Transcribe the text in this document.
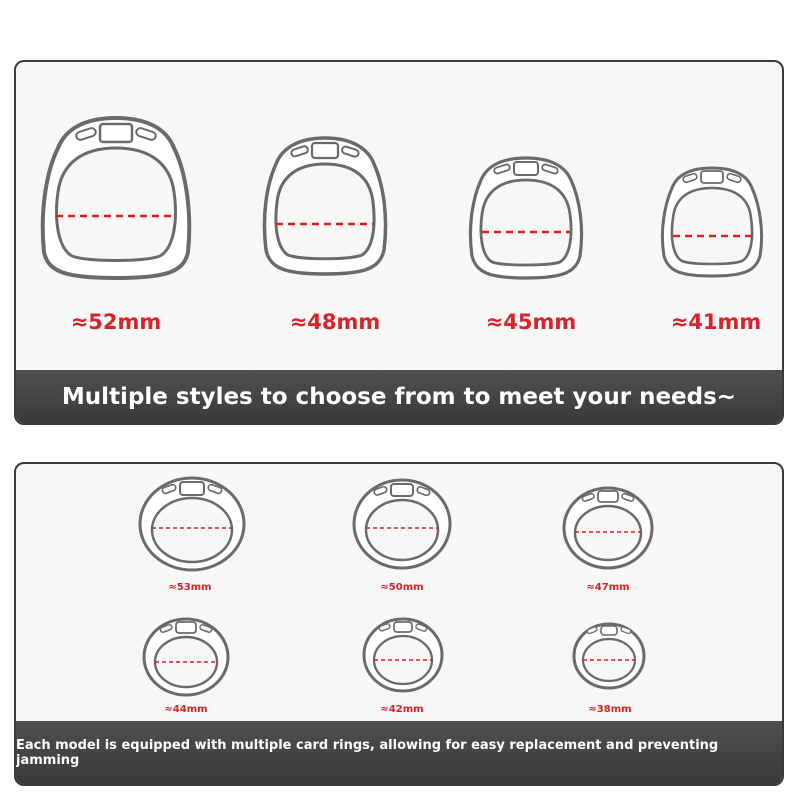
≈52mm	≈48mm	≈45mm	≈41mm
Multiple styles to choose from to meet your needs~
≈53mm	≈50mm	≈47mm
≈44mm	≈42mm	≈38mm
Each model is equipped with multiple card rings, allowing for easy replacement and preventing jamming
